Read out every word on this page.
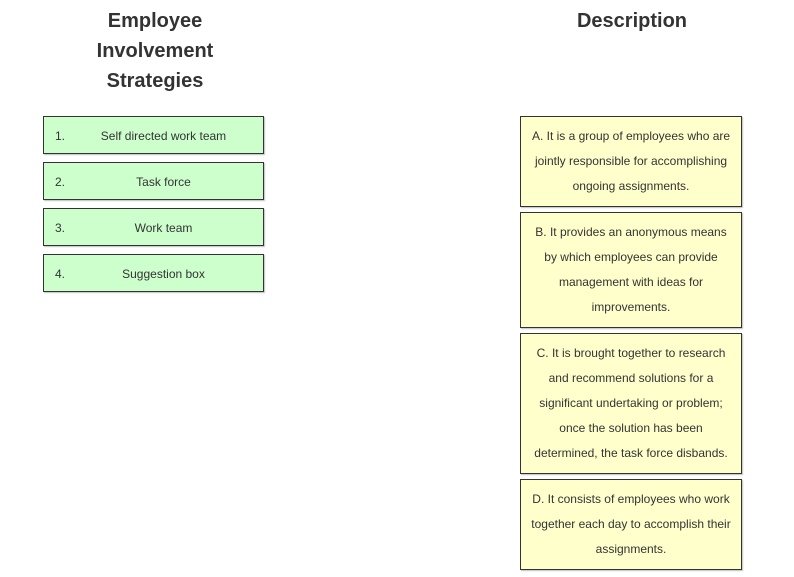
Employee
Involvement
Strategies
Description
1.	Self directed work team
2.	Task force
3.	Work team
4.	Suggestion box
A. It is a group of employees who are jointly responsible for accomplishing ongoing assignments.
B. It provides an anonymous means by which employees can provide management with ideas for improvements.
C. It is brought together to research and recommend solutions for a significant undertaking or problem; once the solution has been determined, the task force disbands.
D. It consists of employees who work together each day to accomplish their assignments.
